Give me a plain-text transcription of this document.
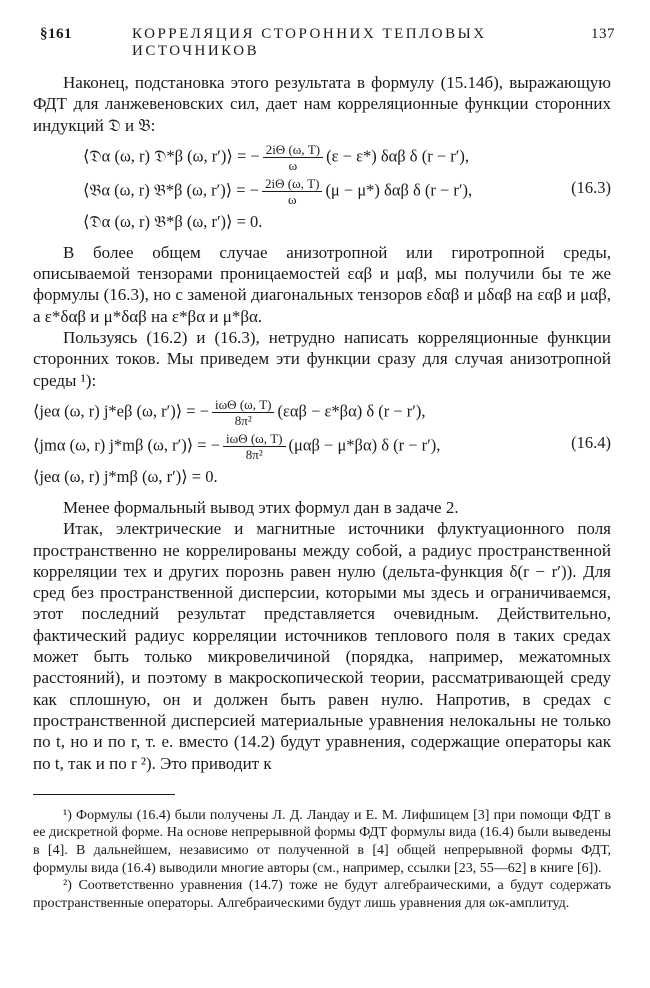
§161	КОРРЕЛЯЦИЯ СТОРОННИХ ТЕПЛОВЫХ ИСТОЧНИКОВ
137

Наконец, подстановка этого результата в формулу (15.14б), выражающую ФДТ для ланжевеновских сил, дает нам корреляционные функции сторонних индукций 𝔇 и 𝔅:

⟨𝔇α (ω, r) 𝔇*β (ω, r′)⟩ = − $\frac{2i\Theta (\omega, T)}{\omega} (\varepsilon - \varepsilon*)$ δαβ δ (r − r′),
⟨𝔅α (ω, r) 𝔅*β (ω, r′)⟩ = − $\frac{2i\Theta (\omega, T)}{\omega} (\mu - \mu*)$ δαβ δ (r − r′),	(16.3)
⟨𝔇α (ω, r) 𝔅*β (ω, r′)⟩ = 0.

В более общем случае анизотропной или гиротропной среды, описываемой тензорами проницаемостей εαβ и μαβ, мы получили бы те же формулы (16.3), но с заменой диагональных тензоров εδαβ и μδαβ на εαβ и μαβ, а ε*δαβ и μ*δαβ на ε*βα и μ*βα.

Пользуясь (16.2) и (16.3), нетрудно написать корреляционные функции сторонних токов. Мы приведем эти функции сразу для случая анизотропной среды ¹):

⟨jeα (ω, r) j*eβ (ω, r′)⟩ = − $\frac{\text{iωΘ (ω, T)}}{\text{8π²}} (\varepsilon\alpha\beta - \varepsilon*\beta\alpha)$ δ (r − r′),
⟨jmα (ω, r) j*mβ (ω, r′)⟩ = − $\frac{\text{iωΘ (ω, T)}}{\text{8π²}} (\mu\alpha\beta - \mu*\beta\alpha)$ δ (r − r′),	(16.4)
⟨jeα (ω, r) j*mβ (ω, r′)⟩ = 0.

Менее формальный вывод этих формул дан в задаче 2.

Итак, электрические и магнитные источники флуктуационного поля пространственно не коррелированы между собой, а радиус пространственной корреляции тех и других порознь равен нулю (дельта-функция δ(r − r′)). Для сред без пространственной дисперсии, которыми мы здесь и ограничиваемся, этот последний результат представляется очевидным. Действительно, фактический радиус корреляции источников теплового поля в таких средах может быть только микровеличиной (порядка, например, межатомных расстояний), и поэтому в макроскопической теории, рассматривающей среду как сплошную, он и должен быть равен нулю. Напротив, в средах с пространственной дисперсией материальные уравнения нелокальны не только по t, но и по r, т. е. вместо (14.2) будут уравнения, содержащие операторы как по t, так и по r ²). Это приводит к

¹) Формулы (16.4) были получены Л. Д. Ландау и Е. М. Лифшицем [3] при помощи ФДТ в ее дискретной форме. На основе непрерывной формы ФДТ формулы вида (16.4) были выведены в [4]. В дальнейшем, независимо от полученной в [4] общей непрерывной формы ФДТ, формулы вида (16.4) выводили многие авторы (см., например, ссылки [23, 55—62] в книге [6]).

²) Соответственно уравнения (14.7) тоже не будут алгебраическими, а будут содержать пространственные операторы. Алгебраическими будут лишь уравнения для ωк-амплитуд.
